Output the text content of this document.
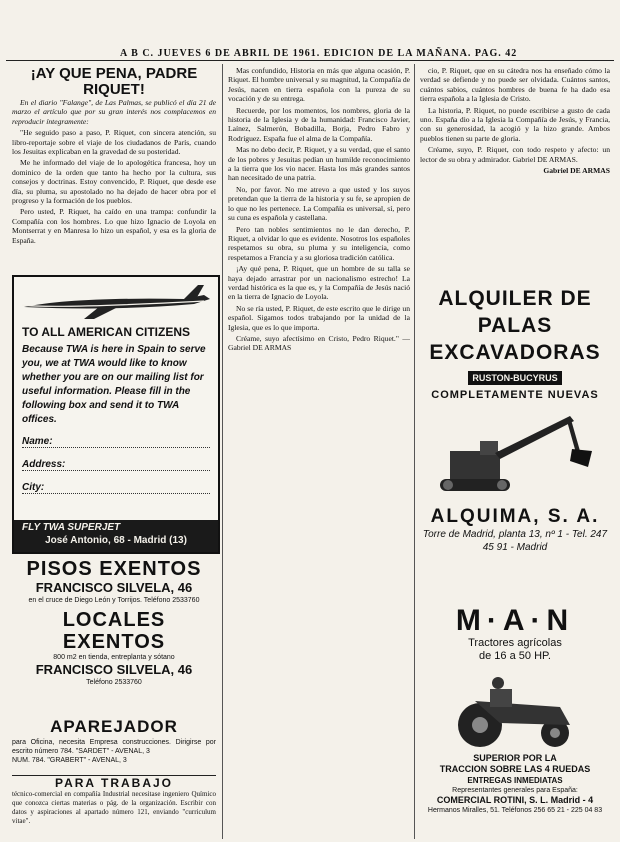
A B C. JUEVES 6 DE ABRIL DE 1961. EDICION DE LA MAÑANA. PAG. 42
¡AY QUE PENA, PADRE RIQUET!

En el diario "Falange", de Las Palmas, se publicó el día 21 de marzo el artículo que por su gran interés nos complacemos en reproducir íntegramente:

"He seguido paso a paso, P. Riquet, con sincera atención, su libro-reportaje sobre el viaje de los ciudadanos de París, cuando los Jesuitas explicaban en la gravedad de su posteridad.

Me he informado del viaje de lo apologética francesa, hoy un dominico de la orden que tanto ha hecho por la cultura, sus consejos y doctrinas. Estoy convencido, P. Riquet, que desde ese día, su pluma, su apostolado no ha dejado de hacer obra por el progreso y la formación de los pueblos.

Pero usted, P. Riquet, ha caído en una trampa: confundir la Compañía con los hombres. Lo que hizo Ignacio de Loyola en Montserrat y en Manresa lo hizo un español, y esa es la gloria de España.

TO ALL AMERICAN CITIZENS
Because TWA is here in Spain to serve you, we at TWA would like to know whether you are on our mailing list for useful information. Please fill in the following box and send it to TWA offices.
Name :
Address :
City :
FLY TWA SUPERJET
José Antonio, 68 - Madrid (13)
PISOS EXENTOS
FRANCISCO SILVELA, 46
en el cruce de Diego León y Torrijos. Teléfono 2533760
LOCALES EXENTOS
800 m2 en tienda, entreplanta y sótano
FRANCISCO SILVELA, 46
Teléfono 2533760
APAREJADOR
para Oficina, necesita Empresa construcciones. Dirigirse por escrito número 784. "SARDET" - AVENAL, 3
NUM. 784. "GRABERT" - AVENAL, 3
PARA TRABAJO
técnico-comercial en compañía Industrial necesitase ingeniero Químico que conozca ciertas materias o pág. de la organización. Escribir con datos y aspiraciones al apartado número 121, enviando "curriculum vitae".

Mas confundido, Historia en más que alguna ocasión, P. Riquet. El hombre universal y su magnitud, la Compañía de Jesús, nacen en tierra española con la pureza de su vocación y de su entrega.

Recuerde, por los momentos, los nombres, gloria de la historia de la Iglesia y de la humanidad: Francisco Javier, Laínez, Salmerón, Bobadilla, Borja, Pedro Fabro y Rodríguez. España fue el alma de la Compañía.

Mas no debo decir, P. Riquet, y a su verdad, que el santo de los pobres y Jesuitas pedían un humilde reconocimiento a la tierra que los vio nacer. Hasta los más grandes santos han necesitado de una patria.

No, por favor. No me atrevo a que usted y los suyos pretendan que la tierra de la historia y su fe, se apropien de lo que no les pertenece. La Compañía es universal, sí, pero su cuna es española y castellana.

Pero tan nobles sentimientos no le dan derecho, P. Riquet, a olvidar lo que es evidente. Nosotros los españoles respetamos su obra, su pluma y su inteligencia, como respetamos a Francia y a su gloriosa tradición católica.

¡Ay qué pena, P. Riquet, que un hombre de su talla se haya dejado arrastrar por un nacionalismo estrecho! La verdad histórica es la que es, y la Compañía de Jesús nació en la tierra de Ignacio de Loyola.

No se ría usted, P. Riquet, de este escrito que le dirige un español. Sigamos todos trabajando por la unidad de la Iglesia, que es lo que importa.

Créame, suyo afectísimo en Cristo, Pedro Riquet." — Gabriel DE ARMAS

cio, P. Riquet, que en su cátedra nos ha enseñado cómo la verdad se defiende y no puede ser olvidada. Cuántos santos, cuántos sabios, cuántos hombres de buena fe ha dado esa tierra española a la Iglesia de Cristo.

La historia, P. Riquet, no puede escribirse a gusto de cada uno. España dio a la Iglesia la Compañía de Jesús, y Francia, con su generosidad, la acogió y la hizo grande. Ambos pueblos tienen su parte de gloria.

Créame, suyo, P. Riquet, con todo respeto y afecto: un lector de su obra y admirador. Gabriel DE ARMAS.

Gabriel DE ARMAS

ALQUILER DE
PALAS
EXCAVADORAS
RUSTON-BUCYRUS
COMPLETAMENTE NUEVAS
ALQUIMA, S. A.
Torre de Madrid, planta 13, nº 1 - Tel. 247 45 91 - Madrid
M·A·N
Tractores agrícolas
de 16 a 50 HP.
SUPERIOR POR LA
TRACCION SOBRE LAS 4 RUEDAS
ENTREGAS INMEDIATAS
Representantes generales para España:
COMERCIAL ROTINI, S. L. Madrid - 4
Hermanos Miralles, 51. Teléfonos 256 65 21 - 225 04 83
